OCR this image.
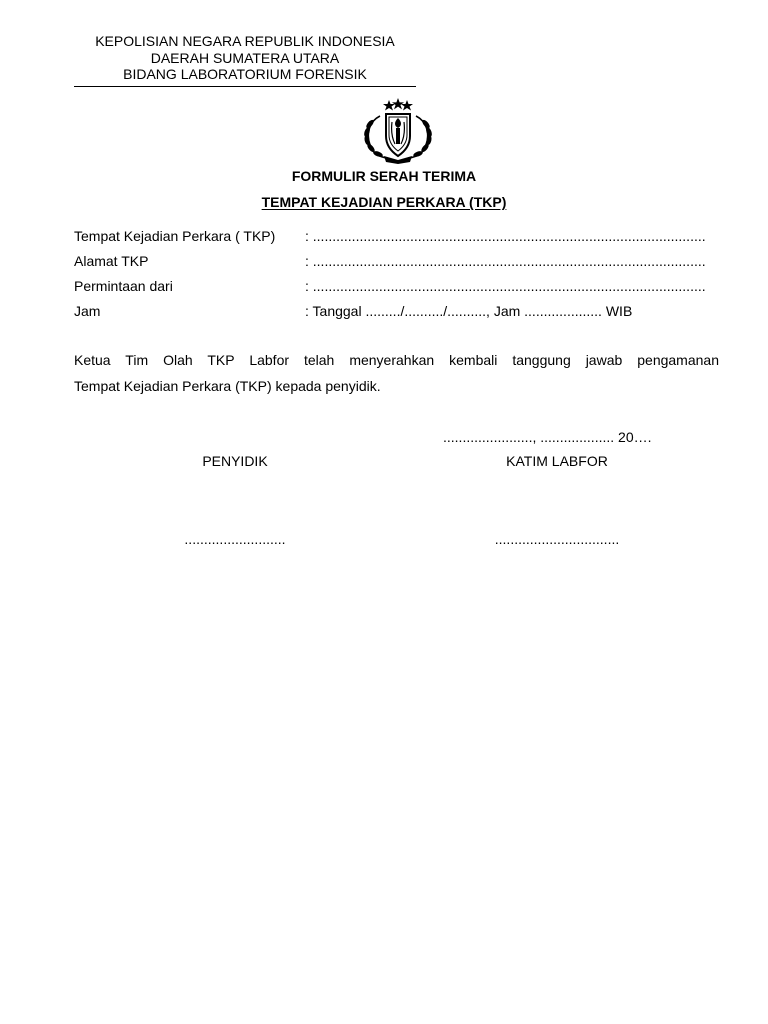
KEPOLISIAN NEGARA REPUBLIK INDONESIA
DAERAH SUMATERA UTARA
BIDANG LABORATORIUM FORENSIK
FORMULIR SERAH TERIMA
TEMPAT KEJADIAN PERKARA (TKP)
Tempat Kejadian Perkara ( TKP) : .....................................................................................................
Alamat TKP	: .....................................................................................................
Permintaan dari	: .....................................................................................................
Jam	: Tanggal ........./........../.........., Jam .................... WIB
Ketua Tim Olah TKP Labfor telah menyerahkan kembali tanggung jawab pengamanan
Tempat Kejadian Perkara (TKP) kepada penyidik.
......................., ................... 20….
PENYIDIK	KATIM LABFOR
..........................	................................
